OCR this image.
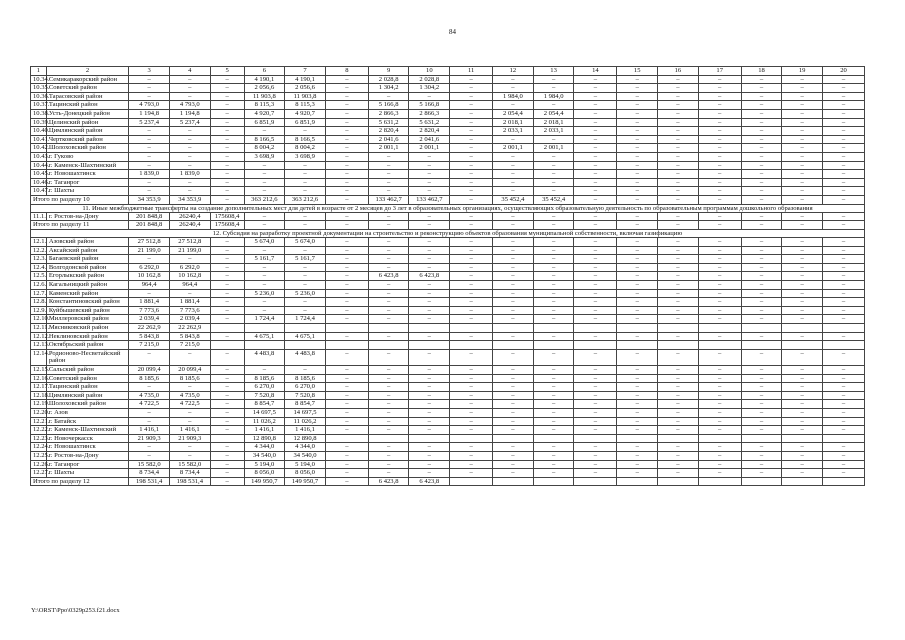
84
1	2	3	4	5	6	7	8	9	10	11	12	13	14	15	16	17	18	19	20
10.34.	Семикаракорский район	–	–	–	4 190,1	4 190,1	–	2 028,8	2 028,8	–	–	–	–	–	–	–	–	–	–
10.35.	Советский район	–	–	–	2 056,6	2 056,6	–	1 304,2	1 304,2	–	–	–	–	–	–	–	–	–	–
10.36.	Тарасовский район	–	–	–	11 903,8	11 903,8	–	–	–	–	1 984,0	1 984,0	–	–	–	–	–	–	–
10.37.	Тацинский район	4 793,0	4 793,0	–	8 115,3	8 115,3	–	5 166,8	5 166,8	–	–	–	–	–	–	–	–	–	–
10.38.	Усть-Донецкий район	1 194,8	1 194,8	–	4 920,7	4 920,7	–	2 866,3	2 866,3	–	2 054,4	2 054,4	–	–	–	–	–	–	–
10.39.	Целинский район	5 237,4	5 237,4	–	6 851,9	6 851,9	–	5 631,2	5 631,2	–	2 018,1	2 018,1	–	–	–	–	–	–	–
10.40.	Цимлянский район	–	–	–	–	–	–	2 820,4	2 820,4	–	2 033,1	2 033,1	–	–	–	–	–	–	–
10.41.	Чертковский район	–	–	–	8 166,5	8 166,5	–	2 041,6	2 041,6	–	–	–	–	–	–	–	–	–	–
10.42.	Шолоховский район	–	–	–	8 004,2	8 004,2	–	2 001,1	2 001,1	–	2 001,1	2 001,1	–	–	–	–	–	–	–
10.43.	г. Гуково	–	–	–	3 698,9	3 698,9	–	–	–	–	–	–	–	–	–	–	–	–	–
10.44.	г. Каменск-Шахтинский	–	–	–	–	–	–	–	–	–	–	–	–	–	–	–	–	–	–
10.45.	г. Новошахтинск	1 839,0	1 839,0	–	–	–	–	–	–	–	–	–	–	–	–	–	–	–	–
10.46.	г. Таганрог	–	–	–	–	–	–	–	–	–	–	–	–	–	–	–	–	–	–
10.47.	г. Шахты	–	–	–	–	–	–	–	–	–	–	–	–	–	–	–	–	–	–
Итого по разделу 10		34 353,9	34 353,9	–	363 212,6	363 212,6	–	133 462,7	133 462,7	–	35 452,4	35 452,4	–	–	–	–	–	–	–
11. Иные межбюджетные трансферты на создание дополнительных мест для детей в возрасте от 2 месяцев до 3 лет в образовательных организациях, осуществляющих образовательную деятельность по образовательным программам дошкольного образования																			
11.1.	г. Ростов-на-Дону	201 848,8	26240,4	175608,4	–	–	–	–	–	–	–	–	–	–	–	–	–	–	–
Итого по разделу 11		201 848,8	26240,4	175608,4	–	–	–	–	–	–	–	–	–	–	–	–	–	–	–
12. Субсидия на разработку проектной документации на строительство и реконструкцию объектов образования муниципальной собственности, включая газификацию																			
12.1.	Азовский район	27 512,8	27 512,8	–	5 674,0	5 674,0	–	–	–	–	–	–	–	–	–	–	–	–	–
12.2.	Аксайский район	21 199,0	21 199,0	–	–	–	–	–	–	–	–	–	–	–	–	–	–	–	–
12.3.	Багаевский район	–	–	–	5 161,7	5 161,7	–	–	–	–	–	–	–	–	–	–	–	–	–
12.4.	Волгодонской район	6 292,0	6 292,0	–	–	–	–	–	–	–	–	–	–	–	–	–	–	–	–
12.5.	Егорлыкский район	10 162,8	10 162,8	–	–	–	–	6 423,8	6 423,8	–	–	–	–	–	–	–	–	–	–
12.6.	Кагальницкий район	964,4	964,4	–	–	–	–	–	–	–	–	–	–	–	–	–	–	–	–
12.7.	Каменский район	–	–	–	5 236,0	5 236,0	–	–	–	–	–	–	–	–	–	–	–	–	–
12.8.	Константиновский район	1 881,4	1 881,4	–	–	–	–	–	–	–	–	–	–	–	–	–	–	–	–
12.9.	Куйбышевский район	7 773,6	7 773,6	–	–	–	–	–	–	–	–	–	–	–	–	–	–	–	–
12.10.	Миллеровский район	2 039,4	2 039,4	–	1 724,4	1 724,4	–	–	–	–	–	–	–	–	–	–	–	–	–
12.11.	Мясниковский район	22 262,9	22 262,9																
12.12.	Неклиновский район	5 843,8	5 843,8	–	4 675,1	4 675,1	–	–	–	–	–	–	–	–	–	–	–	–	–
12.13.	Октябрьский район	7 215,0	7 215,0																
12.14.	Родионово-Несветайский район	–	–	–	4 483,8	4 483,8	–	–	–	–	–	–	–	–	–	–	–	–	–
12.15.	Сальский район	20 099,4	20 099,4	–	–	–	–	–	–	–	–	–	–	–	–	–	–	–	–
12.16.	Советский район	8 185,6	8 185,6	–	8 185,6	8 185,6	–	–	–	–	–	–	–	–	–	–	–	–	–
12.17.	Тацинский район	–	–	–	6 270,0	6 270,0	–	–	–	–	–	–	–	–	–	–	–	–	–
12.18.	Цимлянский район	4 735,0	4 735,0	–	7 520,8	7 520,8	–	–	–	–	–	–	–	–	–	–	–	–	–
12.19.	Шолоховский район	4 722,5	4 722,5	–	8 854,7	8 854,7	–	–	–	–	–	–	–	–	–	–	–	–	–
12.20.	г. Азов	–	–	–	14 697,5	14 697,5	–	–	–	–	–	–	–	–	–	–	–	–	–
12.21.	г. Батайск	–	–	–	11 026,2	11 026,2	–	–	–	–	–	–	–	–	–	–	–	–	–
12.22.	г. Каменск-Шахтинский	1 416,1	1 416,1	–	1 416,1	1 416,1	–	–	–	–	–	–	–	–	–	–	–	–	–
12.23.	г. Новочеркасск	21 909,3	21 909,3		12 890,8	12 890,8													
12.24.	г. Новошахтинск	–	–	–	4 344,0	4 344,0	–	–	–	–	–	–	–	–	–	–	–	–	–
12.25.	г. Ростов-на-Дону	–	–	–	34 540,0	34 540,0	–	–	–	–	–	–	–	–	–	–	–	–	–
12.26.	г. Таганрог	15 582,0	15 582,0	–	5 194,0	5 194,0	–	–	–	–	–	–	–	–	–	–	–	–	–
12.27.	г. Шахты	8 734,4	8 734,4	–	8 056,0	8 056,0	–	–	–	–	–	–	–	–	–	–	–	–	–
Итого по разделу 12		198 531,4	198 531,4	–	149 950,7	149 950,7	–	6 423,8	6 423,8										
Y:\ORST\Ppo\0329p253.f21.docx
